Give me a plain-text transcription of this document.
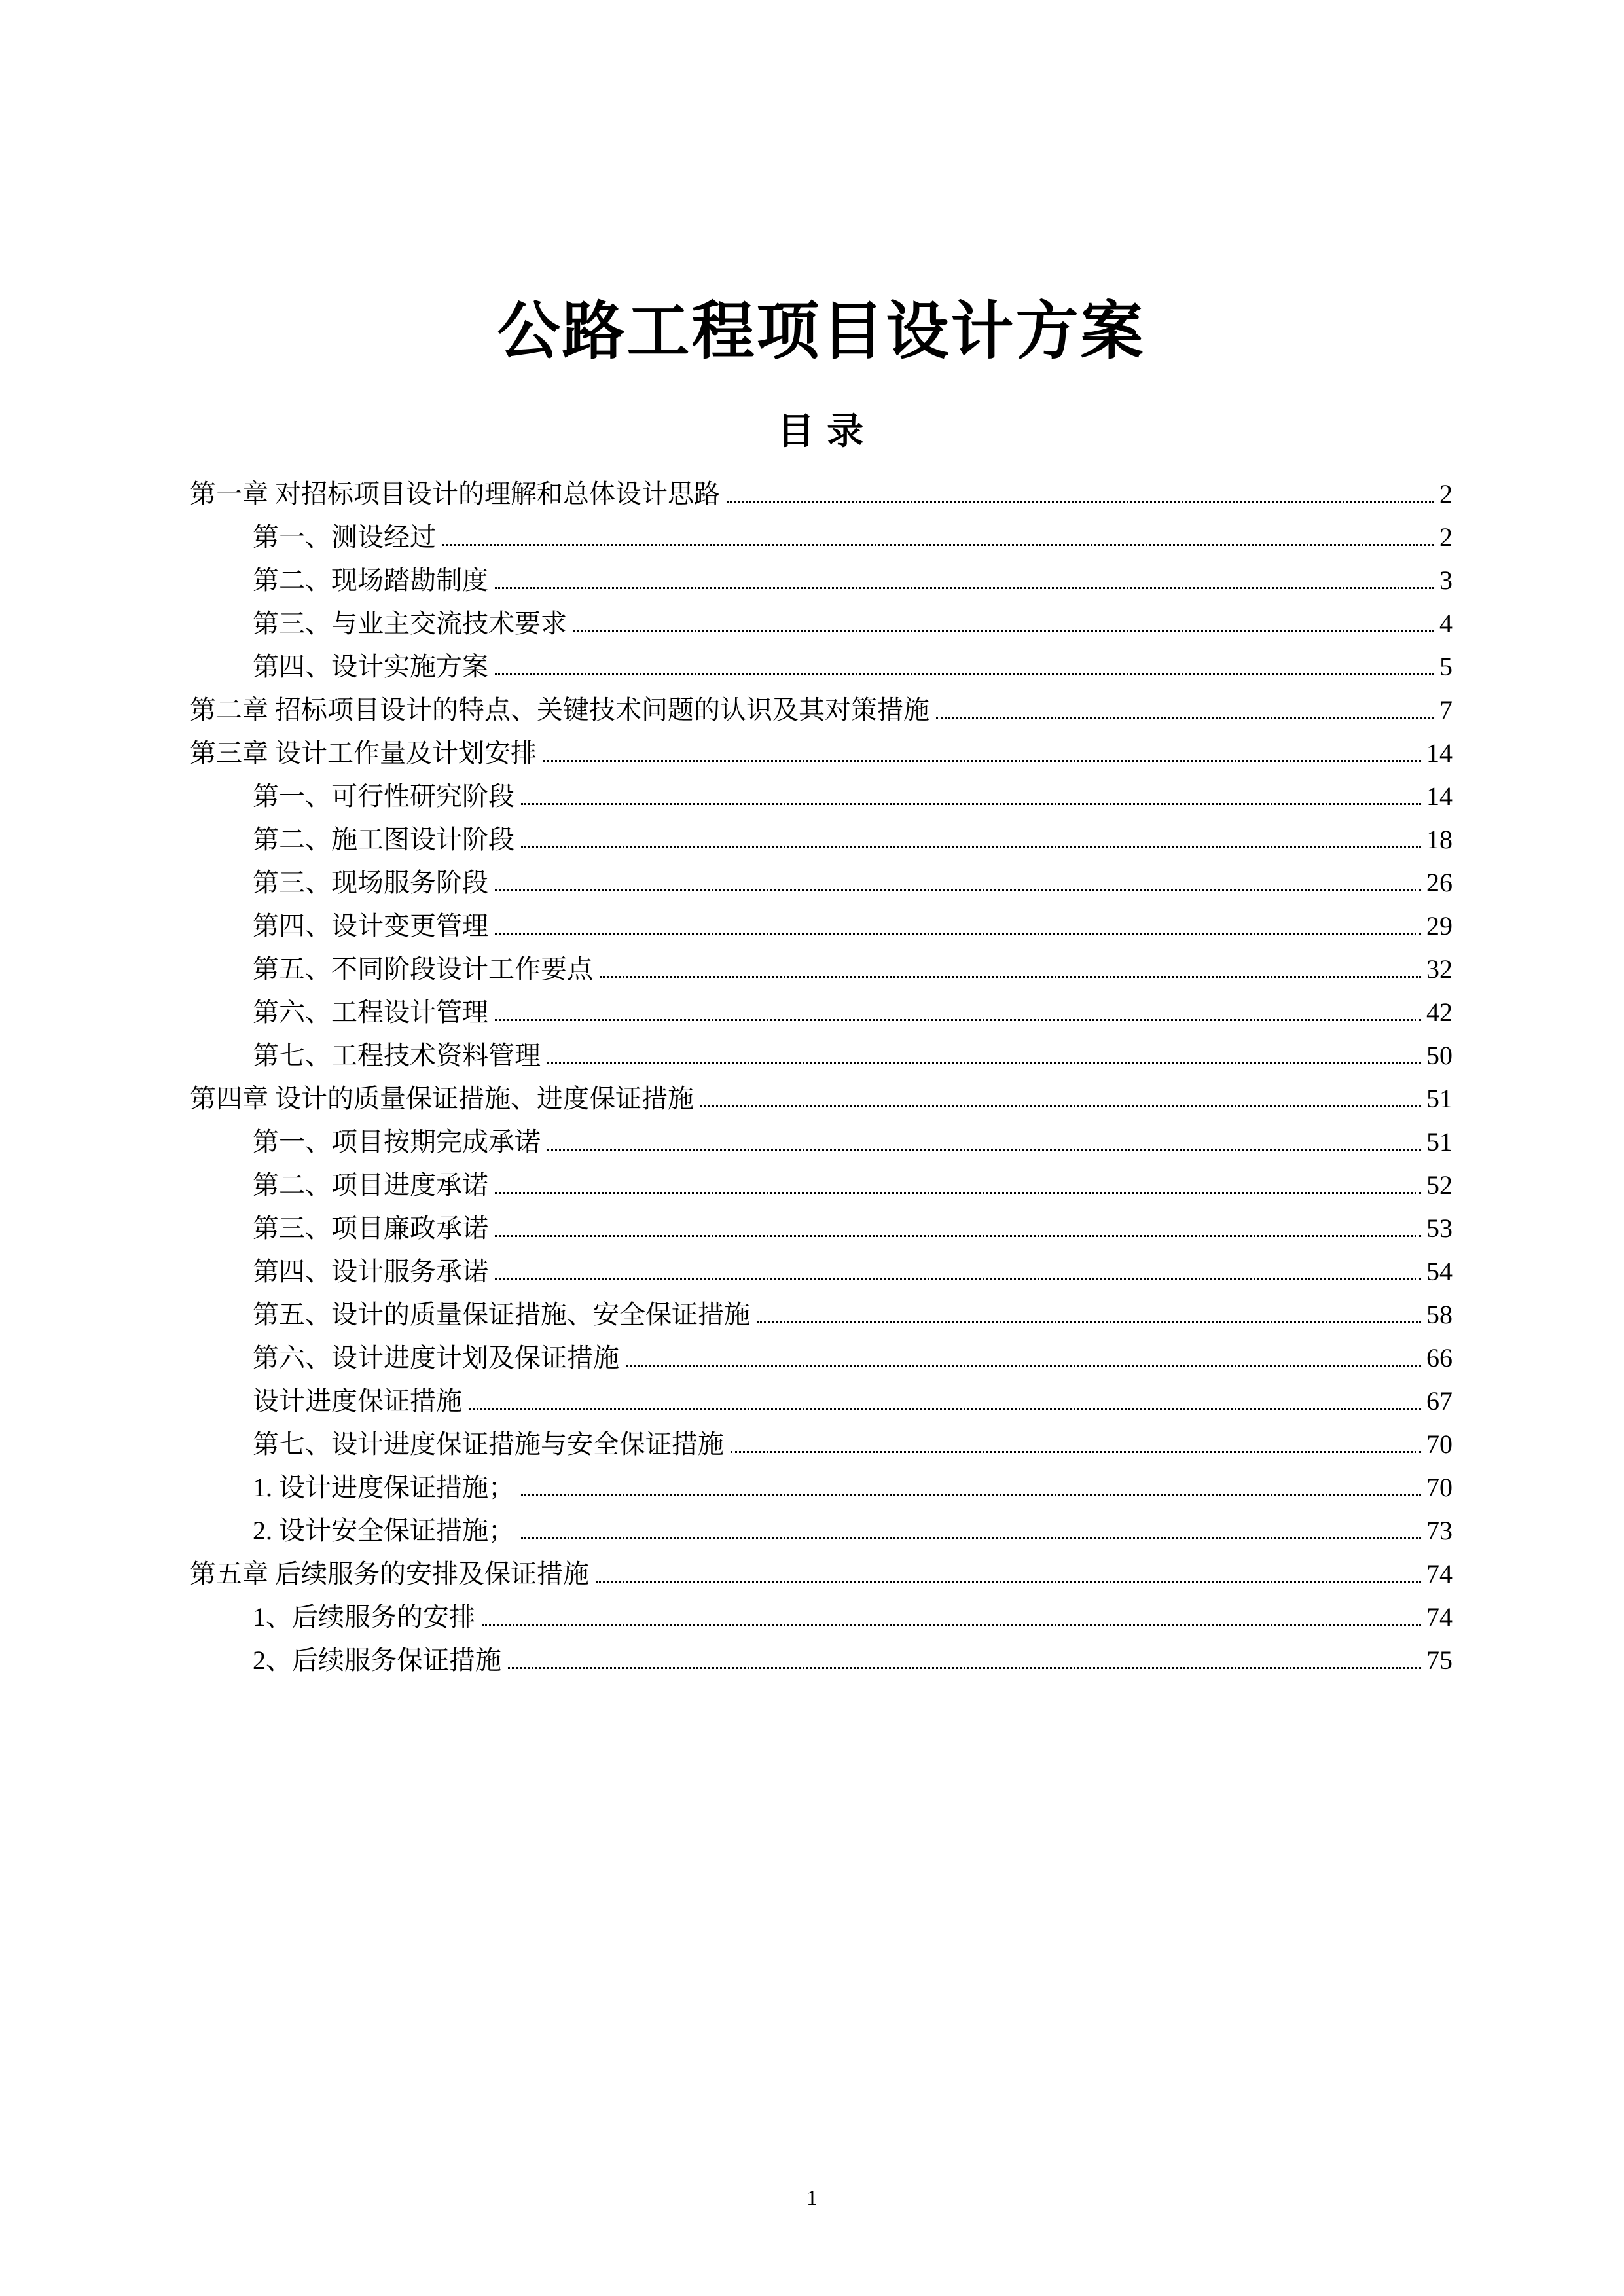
公路工程项目设计方案
目 录
第一章 对招标项目设计的理解和总体设计思路	2
第一、测设经过	2
第二、现场踏勘制度	3
第三、与业主交流技术要求	4
第四、设计实施方案	5
第二章 招标项目设计的特点、关键技术问题的认识及其对策措施	7
第三章 设计工作量及计划安排	14
第一、可行性研究阶段	14
第二、施工图设计阶段	18
第三、现场服务阶段	26
第四、设计变更管理	29
第五、不同阶段设计工作要点	32
第六、工程设计管理	42
第七、工程技术资料管理	50
第四章 设计的质量保证措施、进度保证措施	51
第一、项目按期完成承诺	51
第二、项目进度承诺	52
第三、项目廉政承诺	53
第四、设计服务承诺	54
第五、设计的质量保证措施、安全保证措施	58
第六、设计进度计划及保证措施	66
设计进度保证措施	67
第七、设计进度保证措施与安全保证措施	70
1. 设计进度保证措施；	70
2. 设计安全保证措施；	73
第五章 后续服务的安排及保证措施	74
1、后续服务的安排	74
2、后续服务保证措施	75
1
